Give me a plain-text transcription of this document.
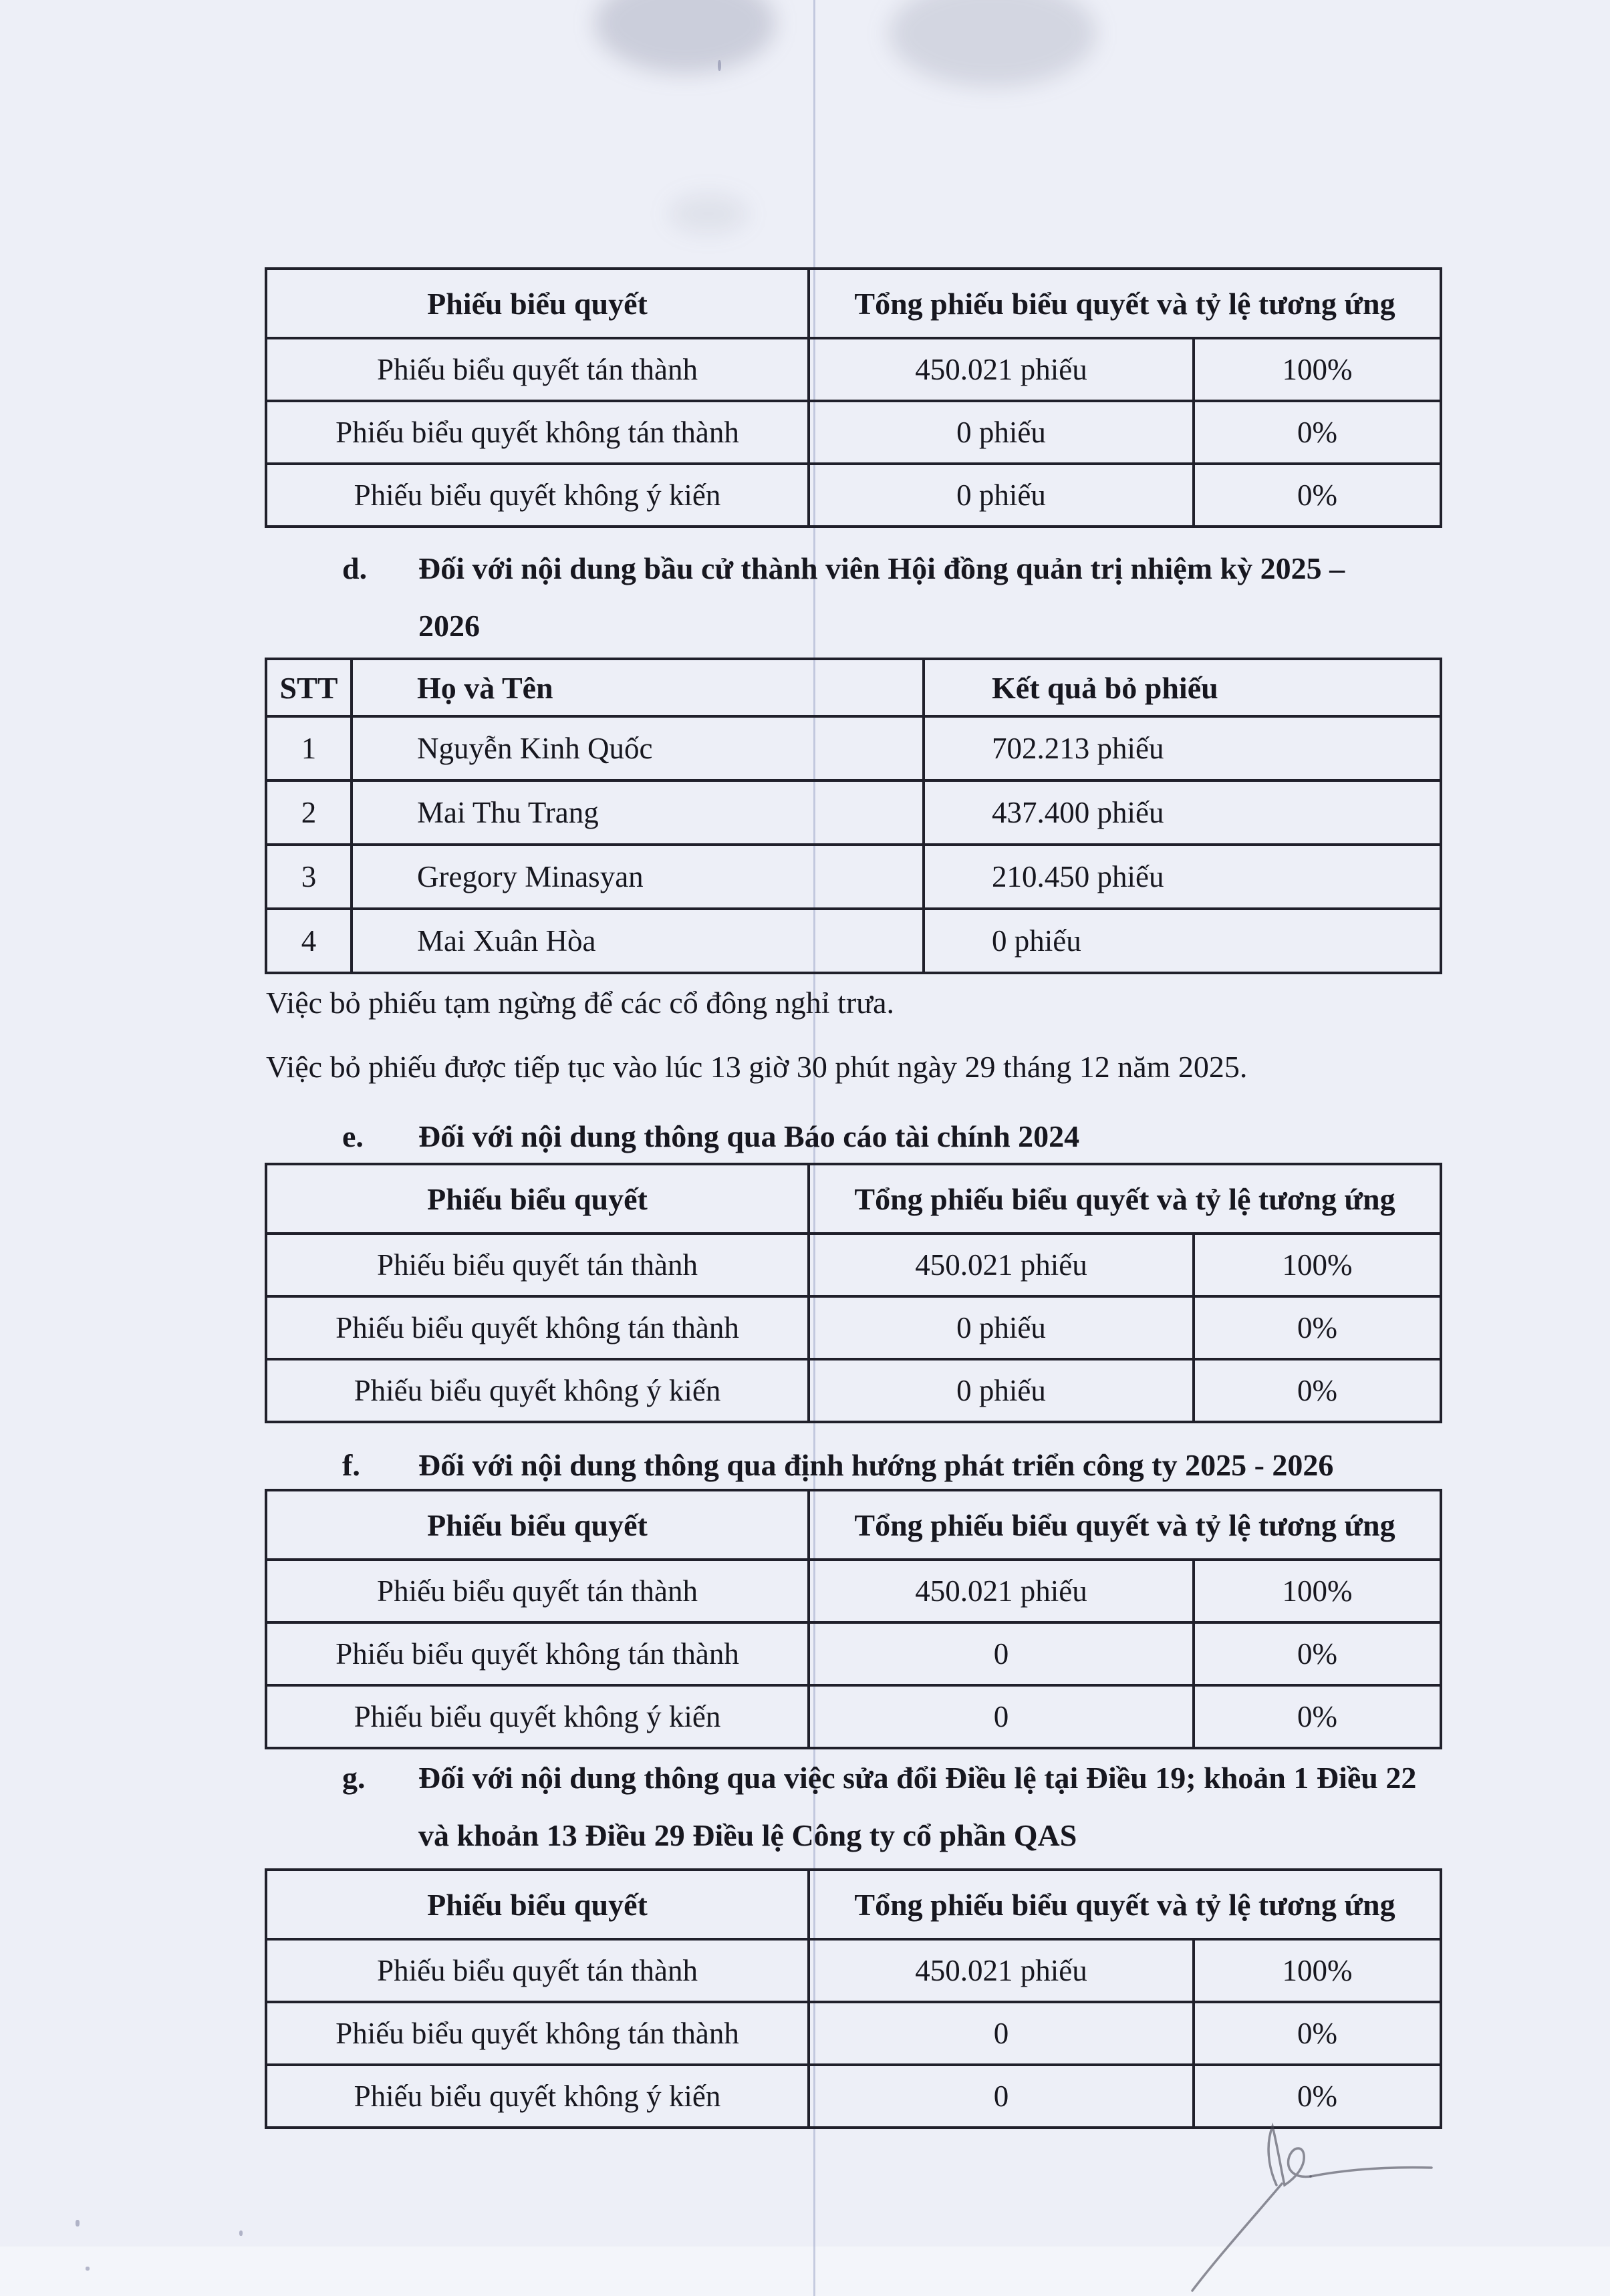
Phiếu biểu quyết	Tổng phiếu biểu quyết và tỷ lệ tương ứng	
Phiếu biểu quyết tán thành	450.021 phiếu	100%
Phiếu biểu quyết không tán thành	0 phiếu	0%
Phiếu biểu quyết không ý kiến	0 phiếu	0%
d.	Đối với nội dung bầu cử thành viên Hội đồng quản trị nhiệm kỳ 2025 – 2026
STT	Họ và Tên	Kết quả bỏ phiếu
1	Nguyễn Kinh Quốc	702.213 phiếu
2	Mai Thu Trang	437.400 phiếu
3	Gregory Minasyan	210.450 phiếu
4	Mai Xuân Hòa	0 phiếu

Việc bỏ phiếu tạm ngừng để các cổ đông nghỉ trưa.

Việc bỏ phiếu được tiếp tục vào lúc 13 giờ 30 phút ngày 29 tháng 12 năm 2025.

e.	Đối với nội dung thông qua Báo cáo tài chính 2024
Phiếu biểu quyết	Tổng phiếu biểu quyết và tỷ lệ tương ứng	
Phiếu biểu quyết tán thành	450.021 phiếu	100%
Phiếu biểu quyết không tán thành	0 phiếu	0%
Phiếu biểu quyết không ý kiến	0 phiếu	0%
f.	Đối với nội dung thông qua định hướng phát triển công ty 2025 - 2026
Phiếu biểu quyết	Tổng phiếu biểu quyết và tỷ lệ tương ứng	
Phiếu biểu quyết tán thành	450.021 phiếu	100%
Phiếu biểu quyết không tán thành	0	0%
Phiếu biểu quyết không ý kiến	0	0%
g.	Đối với nội dung thông qua việc sửa đổi Điều lệ tại Điều 19; khoản 1 Điều 22 và khoản 13 Điều 29 Điều lệ Công ty cổ phần QAS
Phiếu biểu quyết	Tổng phiếu biểu quyết và tỷ lệ tương ứng	
Phiếu biểu quyết tán thành	450.021 phiếu	100%
Phiếu biểu quyết không tán thành	0	0%
Phiếu biểu quyết không ý kiến	0	0%
